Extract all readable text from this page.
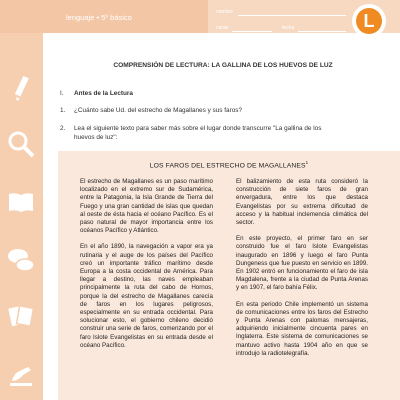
lenguaje • 5º básico
nombre
curso	fecha	L
COMPRENSIÓN DE LECTURA: LA GALLINA DE LOS HUEVOS DE LUZ
I. Antes de la Lectura
1. ¿Cuánto sabe Ud. del estrecho de Magallanes y sus faros?
2. Lea el siguiente texto para saber más sobre el lugar donde transcurre "La gallina de los
huevos de luz":
LOS FAROS DEL ESTRECHO DE MAGALLANES$^1$

El estrecho de Magallanes es un paso marítimo localizado en el extremo sur de Sudamérica, entre la Patagonia, la Isla Grande de Tierra del Fuego y una gran cantidad de islas que quedan al oeste de ésta hacia el océano Pacífico. Es el paso natural de mayor importancia entre los océanos Pacífico y Atlántico.

En el año 1890, la navegación a vapor era ya rutinaria y el auge de los países del Pacífico creó un importante tráfico marítimo desde Europa a la costa occidental de América. Para llegar a destino, las naves empleaban principalmente la ruta del cabo de Hornos, porque la del estrecho de Magallanes carecía de faros en los lugares peligrosos, especialmente en su entrada occidental. Para solucionar esto, el gobierno chileno decidió construir una serie de faros, comenzando por el faro Islote Evangelistas en su entrada desde el océano Pacífico.

El balizamiento de esta ruta consideró la construcción de siete faros de gran envergadura, entre los que destaca Evangelistas por su extrema dificultad de acceso y la habitual inclemencia climática del sector.

En este proyecto, el primer faro en ser construido fue el faro Islote Evangelistas inaugurado en 1896 y luego el faro Punta Dungeness que fue puesto en servicio en 1899. En 1902 entró en funcionamiento el faro de isla Magdalena, frente a la ciudad de Punta Arenas y en 1907, el faro bahía Félix.

En esta periodo Chile implementó un sistema de comunicaciones entre los faros del Estrecho y Punta Arenas con palomas mensajeras, adquiriendo inicialmente cincuenta pares en Inglaterra. Este sistema de comunicaciones se mantuvo activo hasta 1904 año en que se introdujo la radiotelegrafía.
